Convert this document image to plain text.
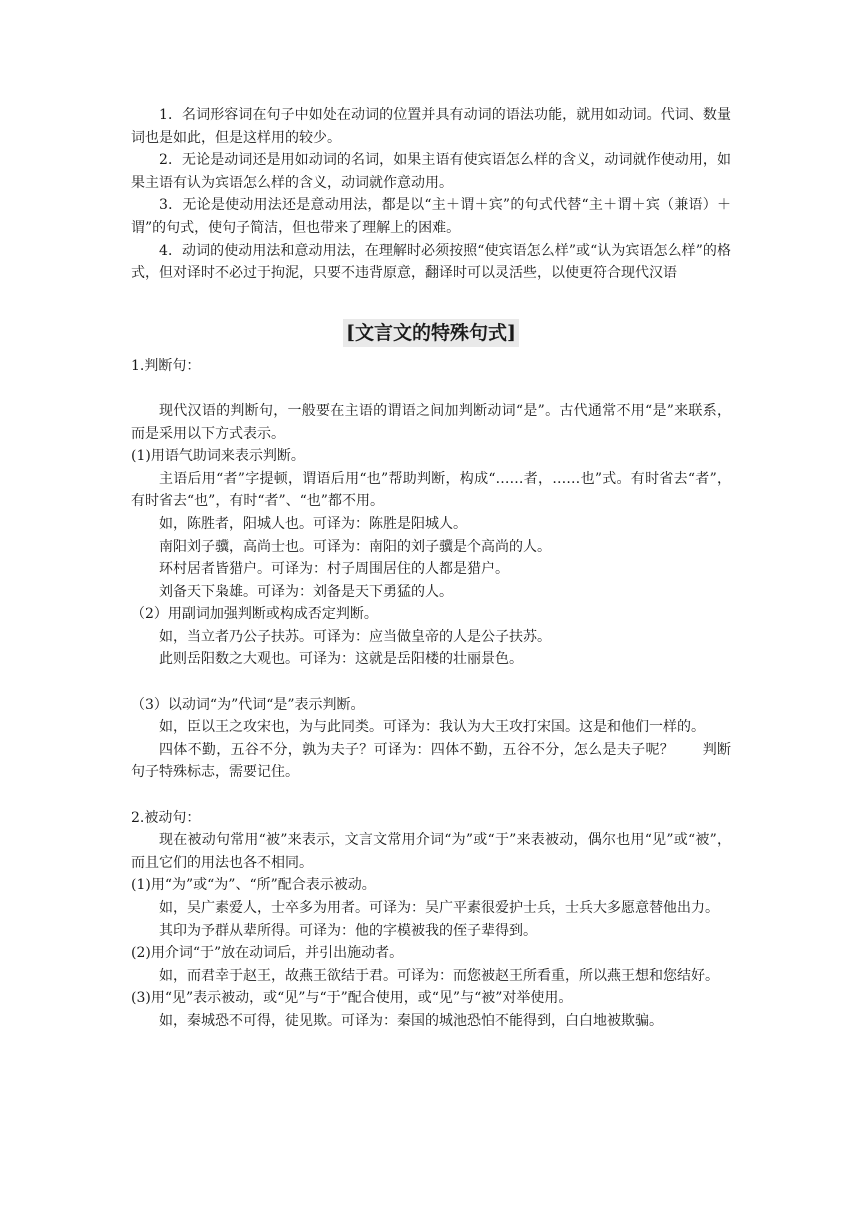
1．名词形容词在句子中如处在动词的位置并具有动词的语法功能，就用如动词。代词、数量词也是如此，但是这样用的较少。

2．无论是动词还是用如动词的名词，如果主语有使宾语怎么样的含义，动词就作使动用，如果主语有认为宾语怎么样的含义，动词就作意动用。

3．无论是使动用法还是意动用法，都是以“主＋谓＋宾”的句式代替“主＋谓＋宾（兼语）＋谓”的句式，使句子简洁，但也带来了理解上的困难。

4．动词的使动用法和意动用法，在理解时必须按照“使宾语怎么样”或“认为宾语怎么样”的格式，但对译时不必过于拘泥，只要不违背原意，翻译时可以灵活些，以使更符合现代汉语

[文言文的特殊句式]

1.判断句：

现代汉语的判断句，一般要在主语的谓语之间加判断动词“是”。古代通常不用“是”来联系，而是采用以下方式表示。

(1)用语气助词来表示判断。

主语后用“者”字提顿，谓语后用“也”帮助判断，构成“……者，……也”式。有时省去“者”，有时省去“也”，有时“者”、“也”都不用。

如，陈胜者，阳城人也。可译为：陈胜是阳城人。

南阳刘子骥，高尚士也。可译为：南阳的刘子骥是个高尚的人。

环村居者皆猎户。可译为：村子周围居住的人都是猎户。

刘备天下枭雄。可译为：刘备是天下勇猛的人。

（2）用副词加强判断或构成否定判断。

如，当立者乃公子扶苏。可译为：应当做皇帝的人是公子扶苏。

此则岳阳数之大观也。可译为：这就是岳阳楼的壮丽景色。

（3）以动词“为”代词“是”表示判断。

如，臣以王之攻宋也，为与此同类。可译为：我认为大王攻打宋国。这是和他们一样的。

四体不勤，五谷不分，孰为夫子？可译为：四体不勤，五谷不分，怎么是夫子呢？　　判断句子特殊标志，需要记住。

2.被动句：

现在被动句常用“被”来表示，文言文常用介词“为”或“于”来表被动，偶尔也用“见”或“被”，而且它们的用法也各不相同。

(1)用“为”或“为”、“所”配合表示被动。

如，吴广素爱人，士卒多为用者。可译为：吴广平素很爱护士兵，士兵大多愿意替他出力。

其印为予群从辈所得。可译为：他的字模被我的侄子辈得到。

(2)用介词“于”放在动词后，并引出施动者。

如，而君幸于赵王，故燕王欲结于君。可译为：而您被赵王所看重，所以燕王想和您结好。

(3)用“见”表示被动，或“见”与“于”配合使用，或“见”与“被”对举使用。

如，秦城恐不可得，徒见欺。可译为：秦国的城池恐怕不能得到，白白地被欺骗。
